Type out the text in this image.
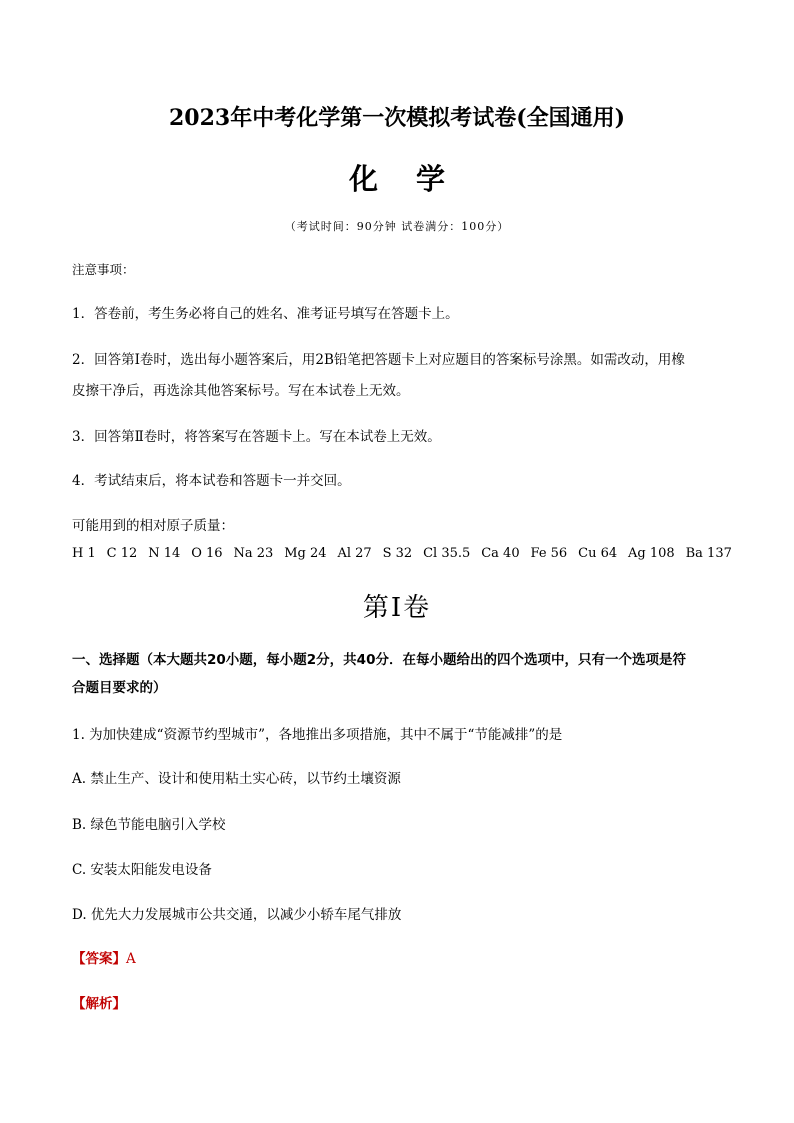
2023年中考化学第一次模拟考试卷(全国通用)
化 学
（考试时间：90分钟 试卷满分：100分）
注意事项：
1．答卷前，考生务必将自己的姓名、准考证号填写在答题卡上。
2．回答第Ⅰ卷时，选出每小题答案后，用2B铅笔把答题卡上对应题目的答案标号涂黑。如需改动，用橡
皮擦干净后，再选涂其他答案标号。写在本试卷上无效。
3．回答第Ⅱ卷时，将答案写在答题卡上。写在本试卷上无效。
4．考试结束后，将本试卷和答题卡一并交回。
可能用到的相对原子质量：
H 1 C 12 N 14 O 16 Na 23 Mg 24 Al 27 S 32 Cl 35.5 Ca 40 Fe 56 Cu 64 Ag 108 Ba 137
第Ⅰ卷
一、选择题（本大题共20小题，每小题2分，共40分．在每小题给出的四个选项中，只有一个选项是符
合题目要求的）
1. 为加快建成“资源节约型城市”，各地推出多项措施，其中不属于“节能减排”的是
A. 禁止生产、设计和使用粘土实心砖，以节约土壤资源
B. 绿色节能电脑引入学校
C. 安装太阳能发电设备
D. 优先大力发展城市公共交通，以减少小轿车尾气排放
【答案】A
【解析】
